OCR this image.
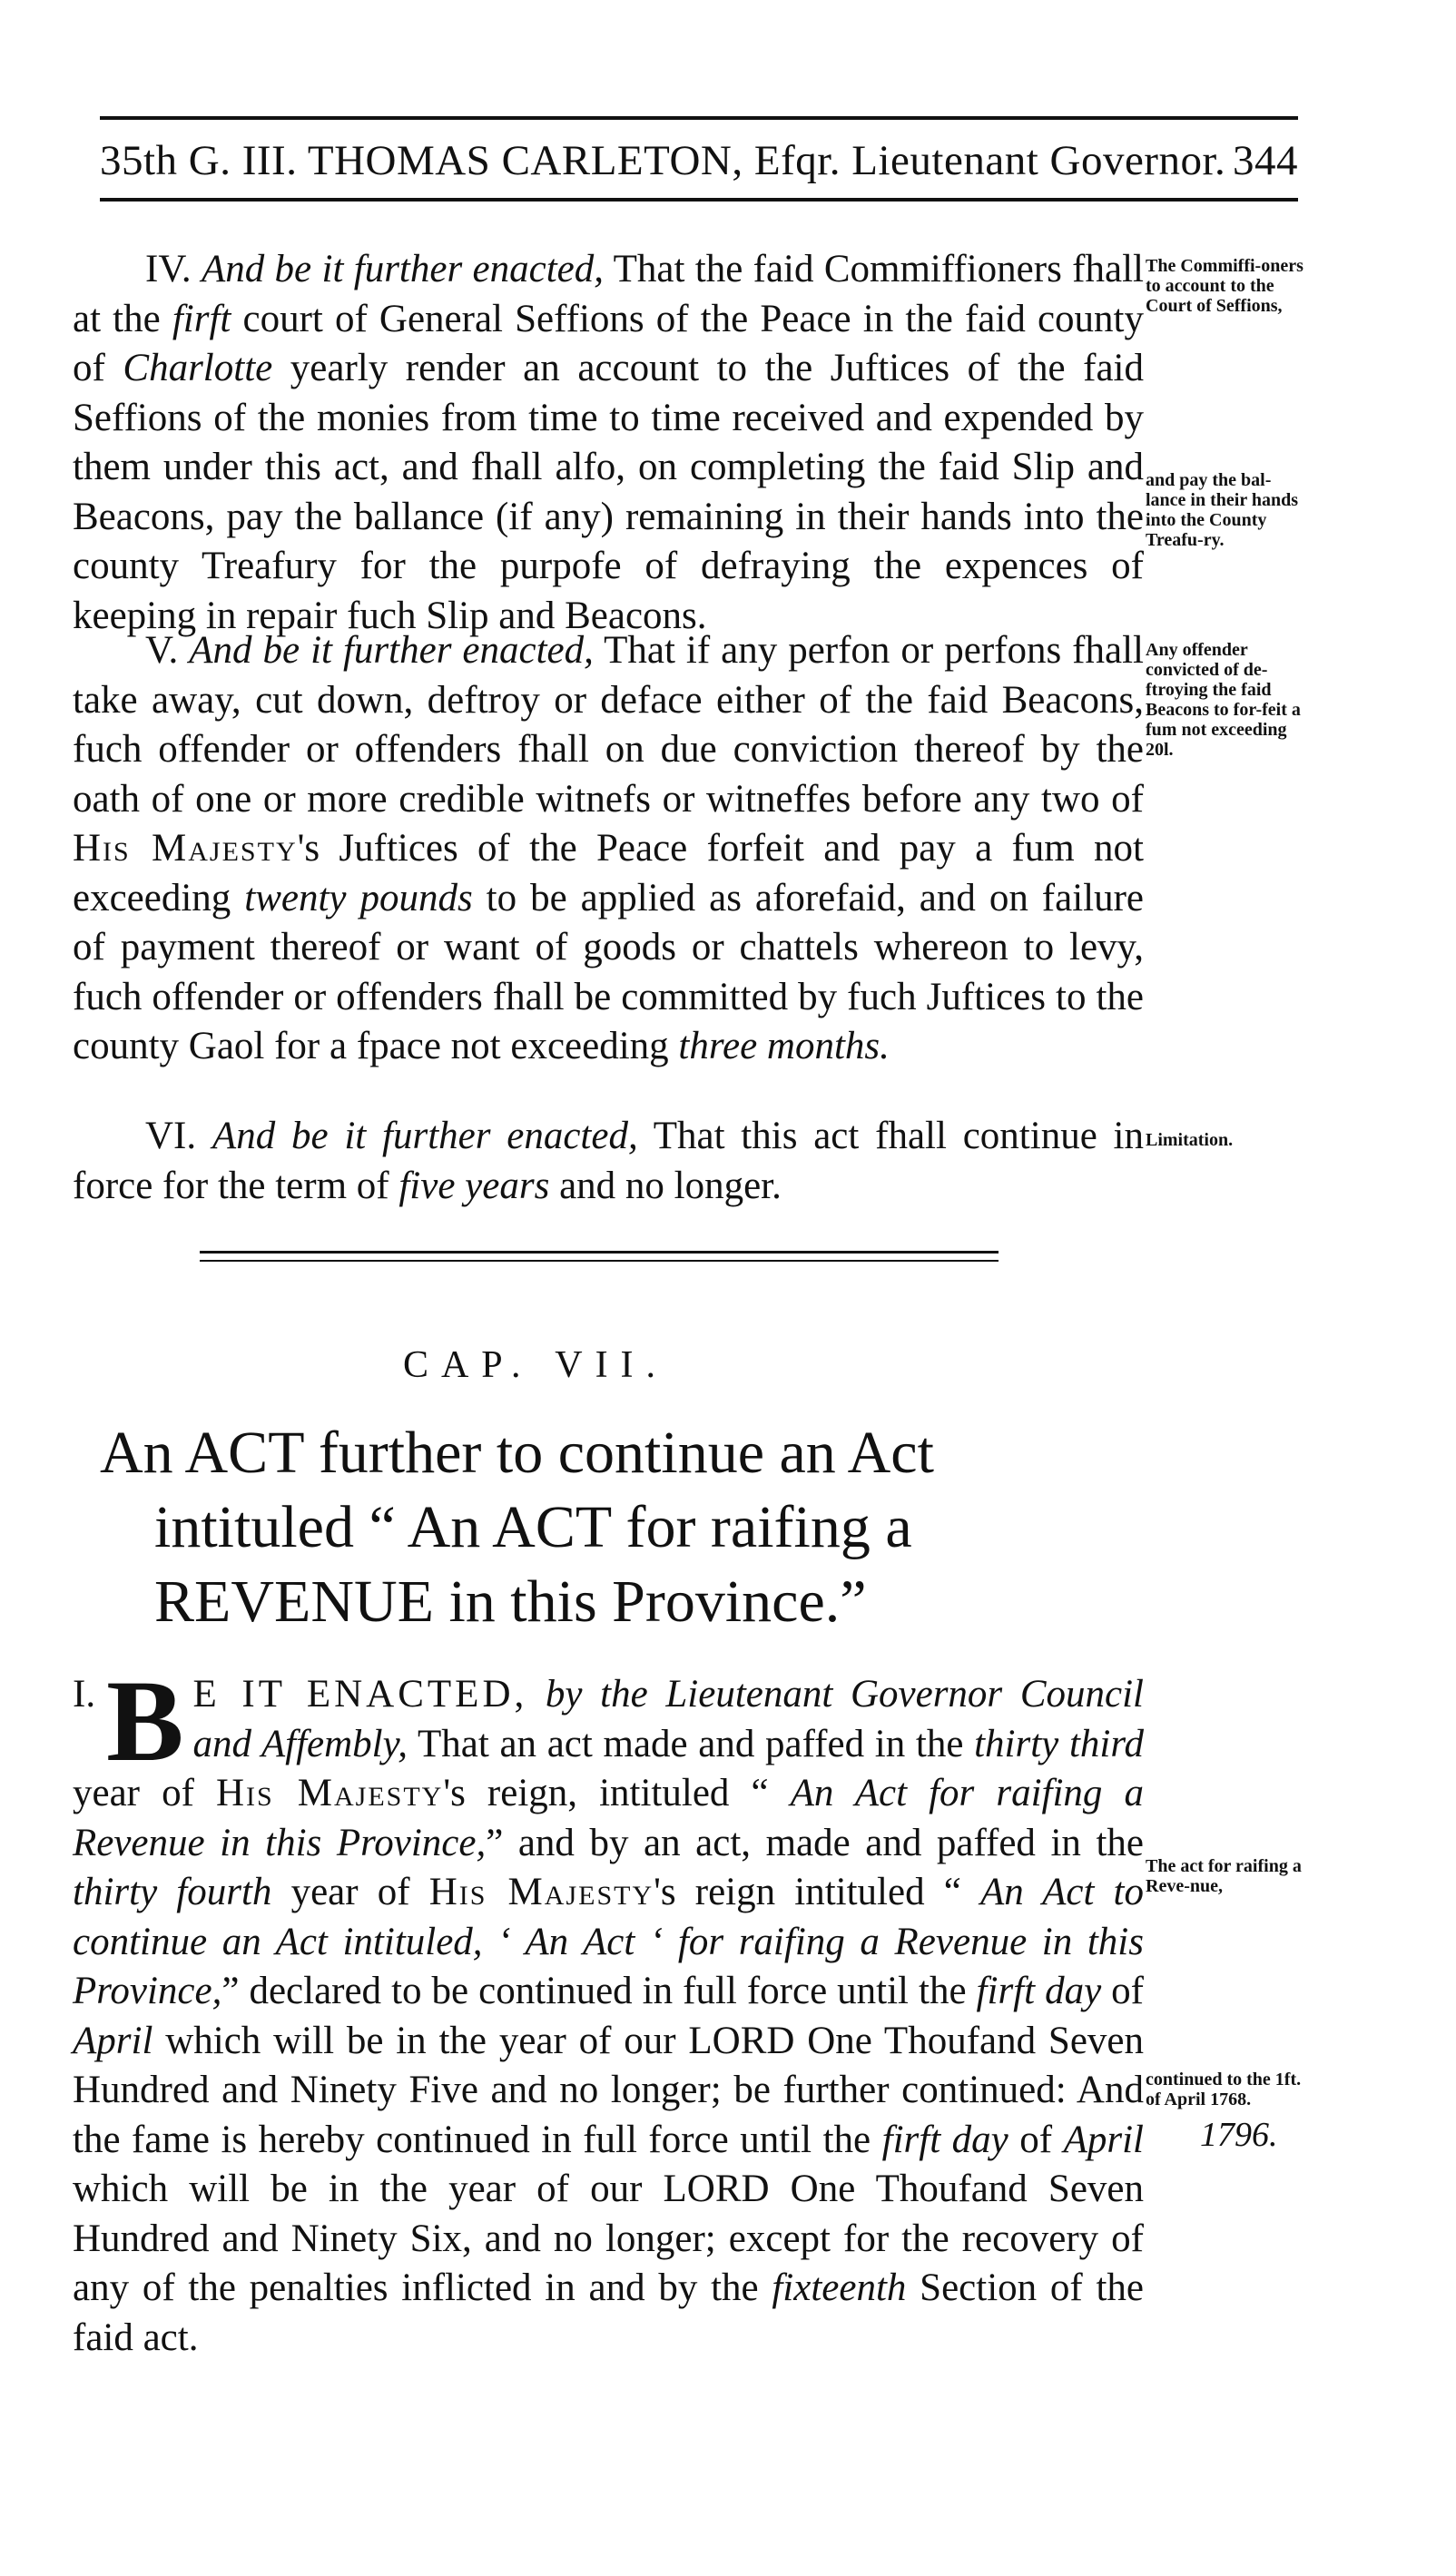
35th G. III. THOMAS CARLETON, Efqr. Lieutenant Governor. 344

IV. And be it further enacted, That the faid Commiffioners fhall at the firft court of General Seffions of the Peace in the faid county of Charlotte yearly render an account to the Juftices of the faid Seffions of the monies from time to time received and expended by them under this act, and fhall alfo, on completing the faid Slip and Beacons, pay the ballance (if any) remaining in their hands into the county Treafury for the purpofe of defraying the expences of keeping in repair fuch Slip and Beacons.

The Commiffi-oners to account to the Court of Seffions,
and pay the bal-lance in their hands into the County Treafu-ry.

V. And be it further enacted, That if any perfon or perfons fhall take away, cut down, deftroy or deface either of the faid Beacons, fuch offender or offenders fhall on due conviction thereof by the oath of one or more credible witnefs or witneffes before any two of His Majesty's Juftices of the Peace forfeit and pay a fum not exceeding twenty pounds to be applied as aforefaid, and on failure of payment thereof or want of goods or chattels whereon to levy, fuch offender or offenders fhall be committed by fuch Juftices to the county Gaol for a fpace not exceeding three months.

Any offender convicted of de-ftroying the faid Beacons to for-feit a fum not exceeding 20l.

VI. And be it further enacted, That this act fhall continue in force for the term of five years and no longer.

Limitation.
CAP. VII.
An ACT further to continue an Act
intituled “ An ACT for raifing a
REVENUE in this Province.”

I. B E IT ENACTED, by the Lieutenant Governor Council and Affembly, That an act made and paffed in the thirty third year of His Majesty's reign, intituled “ An Act for raifing a Revenue in this Province,” and by an act, made and paffed in the thirty fourth year of His Majesty's reign intituled “ An Act to continue an Act intituled, ‘ An Act ‘ for raifing a Revenue in this Province,” declared to be continued in full force until the firft day of April which will be in the year of our LORD One Thoufand Seven Hundred and Ninety Five and no longer; be further continued: And the fame is hereby continued in full force until the firft day of April which will be in the year of our LORD One Thoufand Seven Hundred and Ninety Six, and no longer; except for the recovery of any of the penalties inflicted in and by the fixteenth Section of the faid act.

The act for raifing a Reve-nue,
continued to the 1ft. of April 1768.
1796.
